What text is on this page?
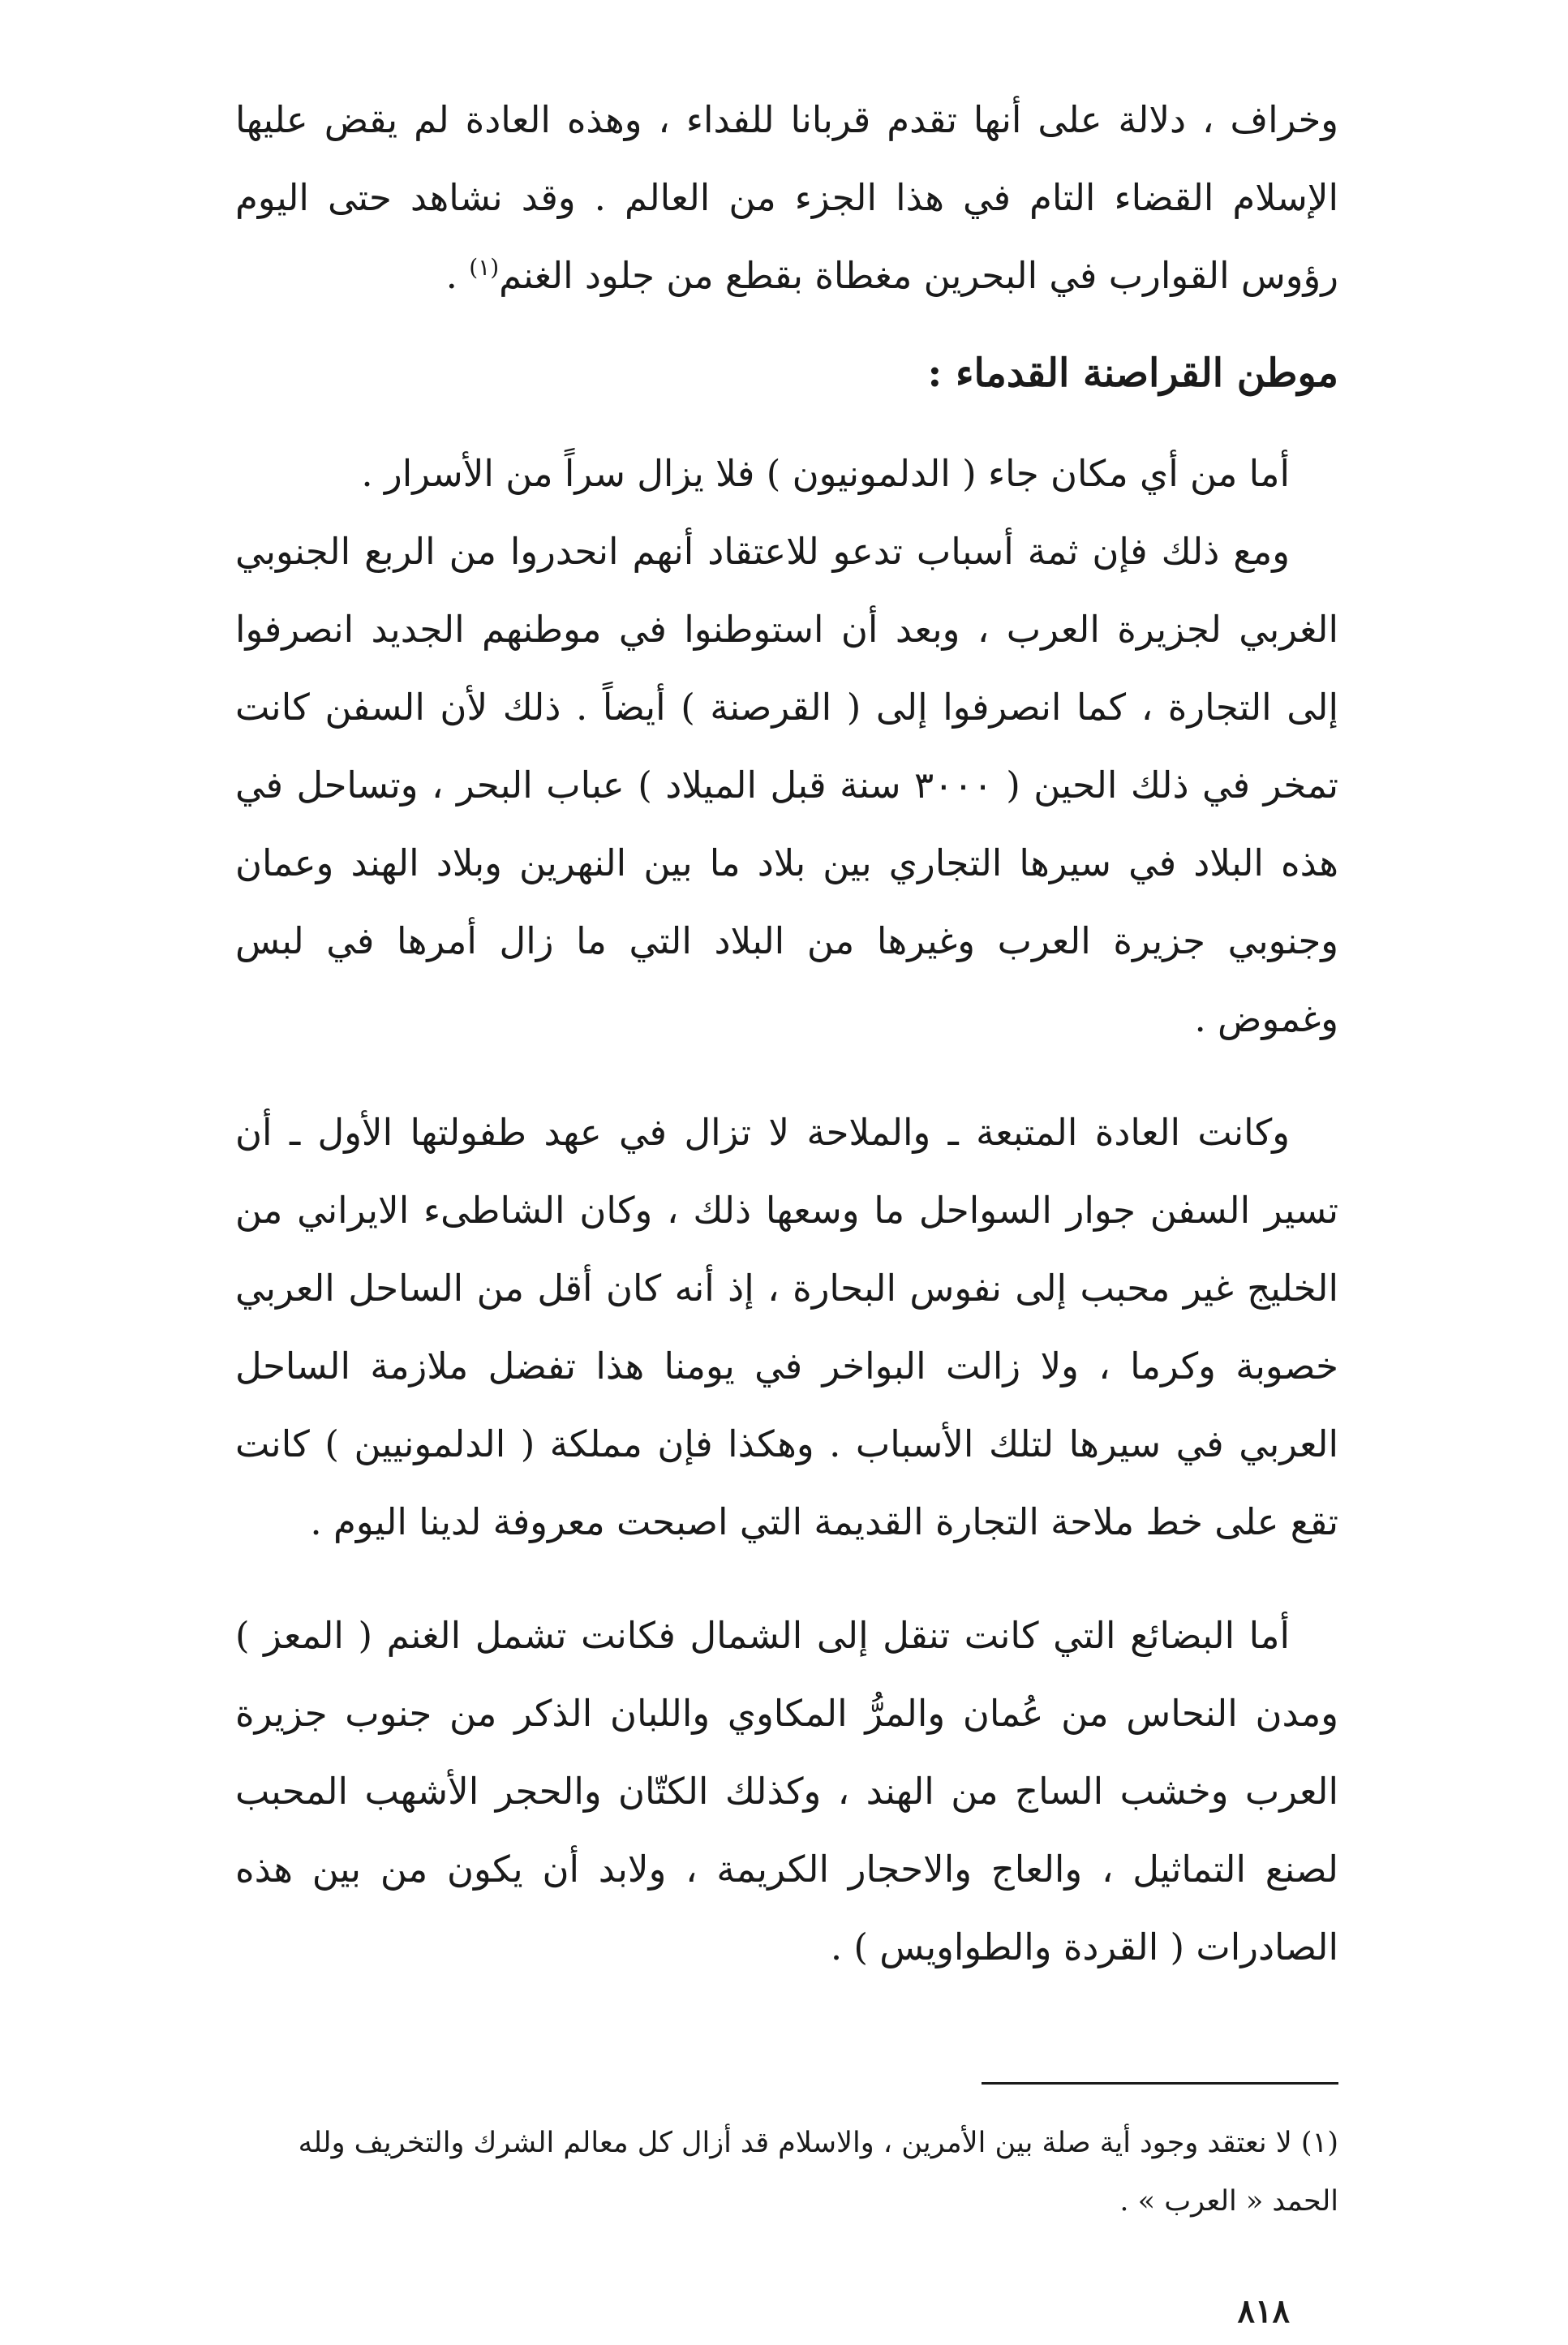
وخراف ، دلالة على أنها تقدم قربانا للفداء ، وهذه العادة لم يقض عليها الإسلام القضاء التام في هذا الجزء من العالم . وقد نشاهد حتى اليوم رؤوس القوارب في البحرين مغطاة بقطع من جلود الغنم$^{(١)}$ .

موطن القراصنة القدماء :

أما من أي مكان جاء ( الدلمونيون ) فلا يزال سراً من الأسرار .

ومع ذلك فإن ثمة أسباب تدعو للاعتقاد أنهم انحدروا من الربع الجنوبي الغربي لجزيرة العرب ، وبعد أن استوطنوا في موطنهم الجديد انصرفوا إلى التجارة ، كما انصرفوا إلى ( القرصنة ) أيضاً . ذلك لأن السفن كانت تمخر في ذلك الحين ( ٣٠٠٠ سنة قبل الميلاد ) عباب البحر ، وتساحل في هذه البلاد في سيرها التجاري بين بلاد ما بين النهرين وبلاد الهند وعمان وجنوبي جزيرة العرب وغيرها من البلاد التي ما زال أمرها في لبس وغموض .

وكانت العادة المتبعة ـ والملاحة لا تزال في عهد طفولتها الأول ـ أن تسير السفن جوار السواحل ما وسعها ذلك ، وكان الشاطىء الايراني من الخليج غير محبب إلى نفوس البحارة ، إذ أنه كان أقل من الساحل العربي خصوبة وكرما ، ولا زالت البواخر في يومنا هذا تفضل ملازمة الساحل العربي في سيرها لتلك الأسباب . وهكذا فإن مملكة ( الدلمونيين ) كانت تقع على خط ملاحة التجارة القديمة التي اصبحت معروفة لدينا اليوم .

أما البضائع التي كانت تنقل إلى الشمال فكانت تشمل الغنم ( المعز ) ومدن النحاس من عُمان والمرُّ المكاوي واللبان الذكر من جنوب جزيرة العرب وخشب الساج من الهند ، وكذلك الكتّان والحجر الأشهب المحبب لصنع التماثيل ، والعاج والاحجار الكريمة ، ولابد أن يكون من بين هذه الصادرات ( القردة والطواويس ) .

(١) لا نعتقد وجود أية صلة بين الأمرين ، والاسلام قد أزال كل معالم الشرك والتخريف ولله الحمد « العرب » .

٨١٨
